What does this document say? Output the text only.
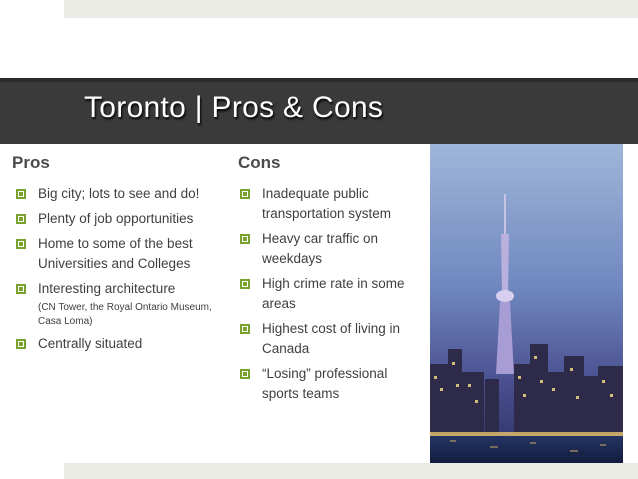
Toronto | Pros & Cons
Pros
Big city; lots to see and do!
Plenty of job opportunities
Home to some of the best Universities and Colleges
Interesting architecture
(CN Tower, the Royal Ontario Museum, Casa Loma)
Centrally situated
Cons
Inadequate public transportation system
Heavy car traffic on weekdays
High crime rate in some areas
Highest cost of living in Canada
“Losing” professional sports teams
